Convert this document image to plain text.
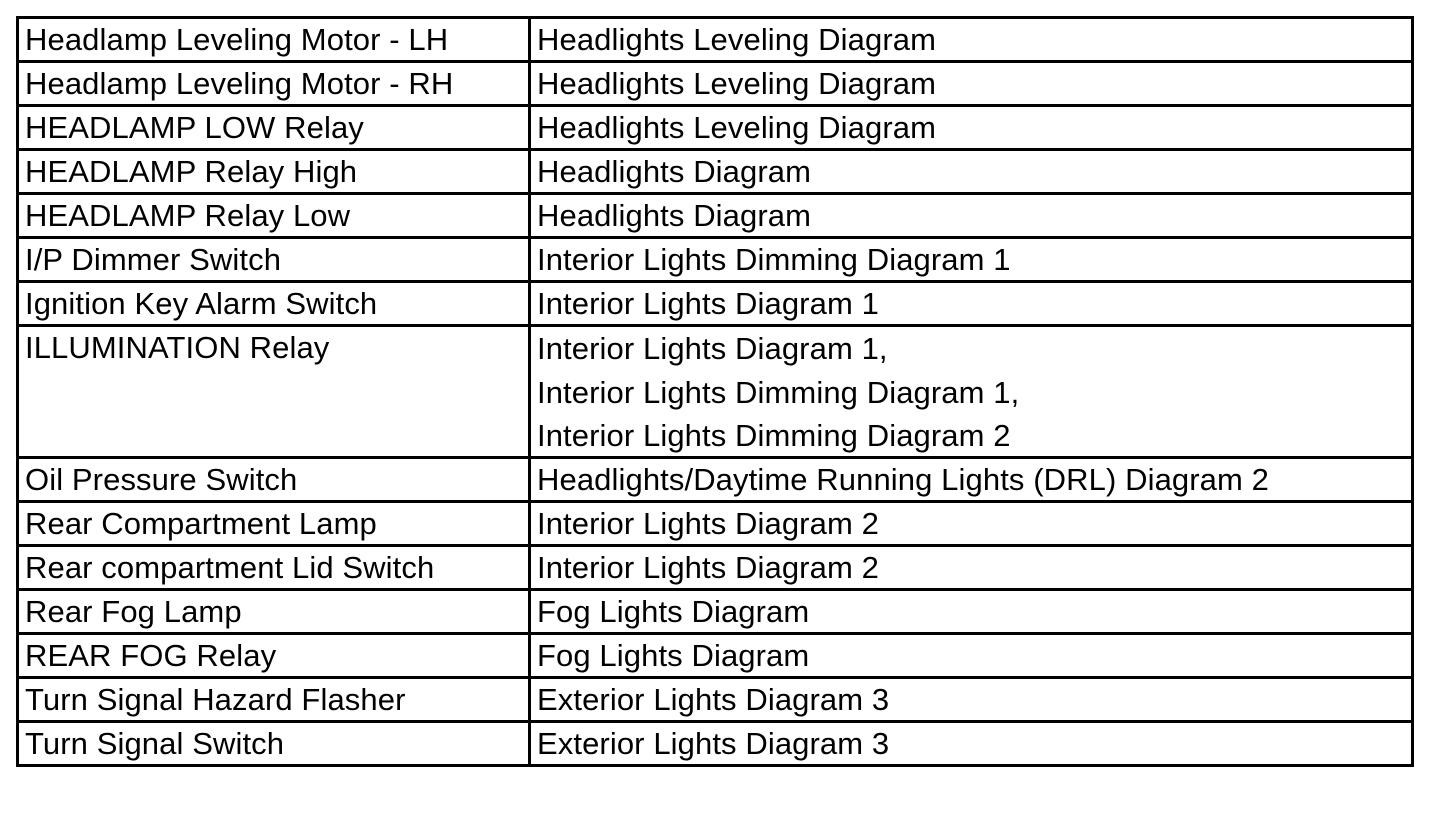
Headlamp Leveling Motor - LH	Headlights Leveling Diagram

Headlamp Leveling Motor - RH	Headlights Leveling Diagram

HEADLAMP LOW Relay	Headlights Leveling Diagram

HEADLAMP Relay High	Headlights Diagram

HEADLAMP Relay Low	Headlights Diagram

I/P Dimmer Switch	Interior Lights Dimming Diagram 1

Ignition Key Alarm Switch	Interior Lights Diagram 1

ILLUMINATION Relay	Interior Lights Diagram 1,
Interior Lights Dimming Diagram 1,
Interior Lights Dimming Diagram 2

Oil Pressure Switch	Headlights/Daytime Running Lights (DRL) Diagram 2

Rear Compartment Lamp	Interior Lights Diagram 2

Rear compartment Lid Switch	Interior Lights Diagram 2

Rear Fog Lamp	Fog Lights Diagram

REAR FOG Relay	Fog Lights Diagram

Turn Signal Hazard Flasher	Exterior Lights Diagram 3

Turn Signal Switch	Exterior Lights Diagram 3
